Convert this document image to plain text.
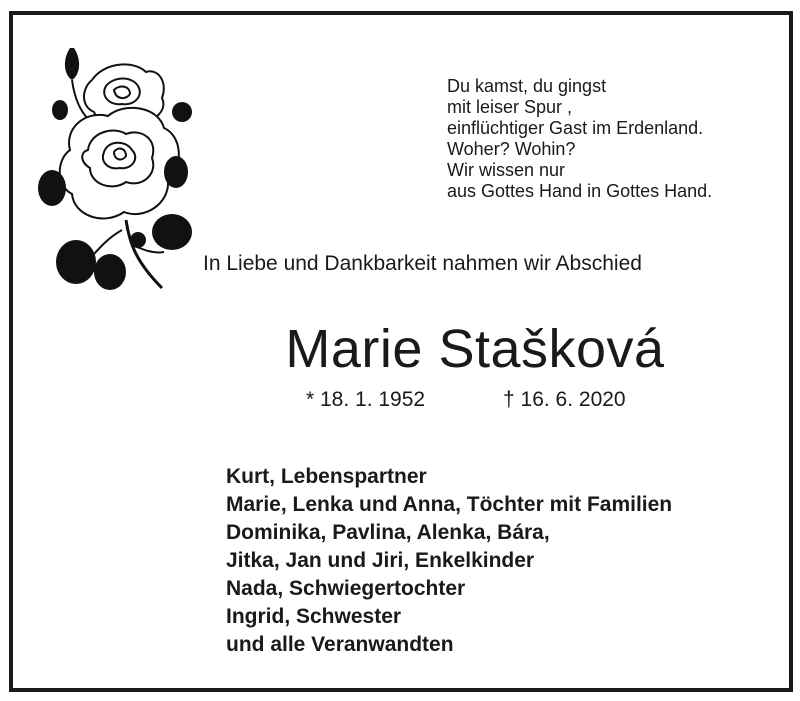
Du kamst, du gingst
mit leiser Spur ,
einflüchtiger Gast im Erdenland.
Woher? Wohin?
Wir wissen nur
aus Gottes Hand in Gottes Hand.
In Liebe und Dankbarkeit nahmen wir Abschied
Marie Stašková
* 18. 1. 1952	† 16. 6. 2020
Kurt, Lebenspartner
Marie, Lenka und Anna, Töchter mit Familien
Dominika, Pavlina, Alenka, Bára,
Jitka, Jan und Jiri, Enkelkinder
Nada, Schwiegertochter
Ingrid, Schwester
und alle Veranwandten
